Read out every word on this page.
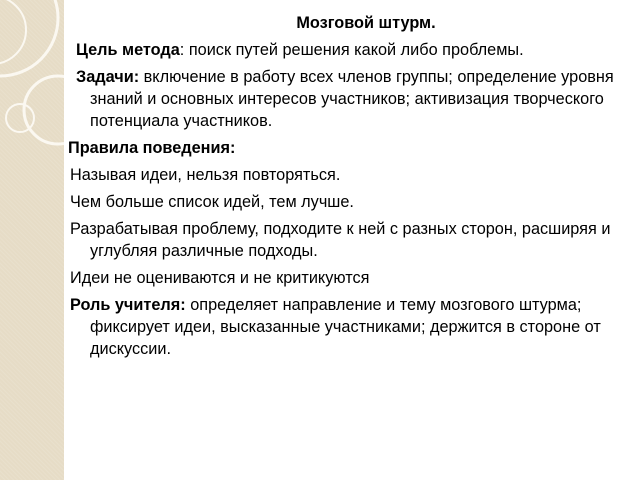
Мозговой штурм.
Цель метода: поиск путей решения какой либо проблемы.
Задачи: включение в работу всех членов группы; определение уровня знаний и основных интересов участников; активизация творческого потенциала участников.
Правила поведения:
Называя идеи, нельзя повторяться.
Чем больше список идей, тем лучше.
Разрабатывая проблему, подходите к ней с разных сторон, расширяя и углубляя различные подходы.
Идеи не оцениваются и не критикуются
Роль учителя: определяет направление и тему мозгового штурма; фиксирует идеи, высказанные участниками; держится в стороне от дискуссии.
